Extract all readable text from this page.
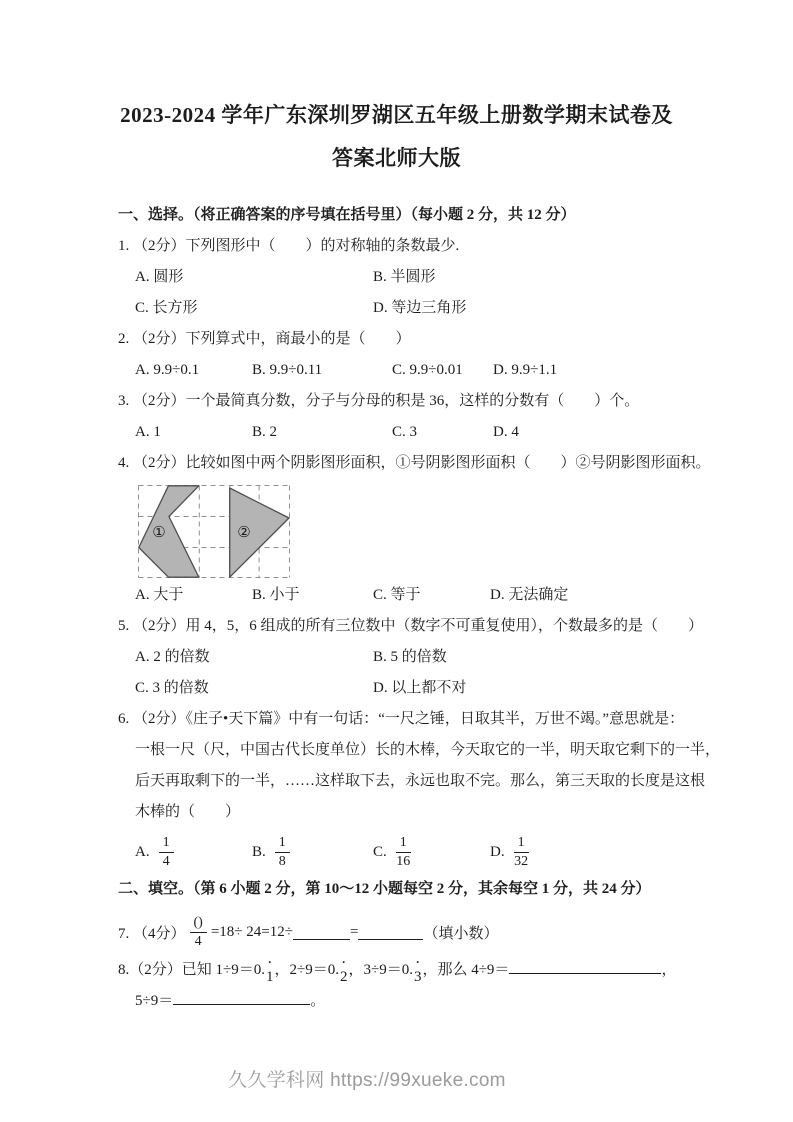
2023-2024 学年广东深圳罗湖区五年级上册数学期末试卷及
答案北师大版
一、选择。（将正确答案的序号填在括号里）（每小题 2 分，共 12 分）
1. （2分）下列图形中（　　）的对称轴的条数最少.
A. 圆形	B. 半圆形
C. 长方形	D. 等边三角形
2. （2分）下列算式中，商最小的是（　　）
A. 9.9÷0.1	B. 9.9÷0.11	C. 9.9÷0.01	D. 9.9÷1.1
3. （2分）一个最简真分数，分子与分母的积是 36，这样的分数有（　　）个。
A. 1	B. 2	C. 3	D. 4
4. （2分）比较如图中两个阴影图形面积，①号阴影图形面积（　　）②号阴影图形面积。
①	②
A. 大于	B. 小于	C. 等于	D. 无法确定
5. （2分）用 4，5，6 组成的所有三位数中（数字不可重复使用），个数最多的是（　　）
A. 2 的倍数	B. 5 的倍数
C. 3 的倍数	D. 以上都不对
6. （2分）《庄子•天下篇》中有一句话：“一尺之锤，日取其半，万世不竭。”意思就是：
一根一尺（尺，中国古代长度单位）长的木棒，今天取它的一半，明天取它剩下的一半，
后天再取剩下的一半，……这样取下去，永远也取不完。那么，第三天取的长度是这根
木棒的（　　）
A. $\frac{1}{4}$	B. $\frac{1}{8}$	C. $\frac{1}{16}$	D. $\frac{1}{32}$
二、填空。（第 6 小题 2 分，第 10～12 小题每空 2 分，其余每空 1 分，共 24 分）
7. （4分） $\frac{()}{4} =18\div 24=12\div$	=	（填小数）
8.（2分）已知 1÷9＝0. ˙
1 ，2÷9＝0. ˙
2 ，3÷9＝0. ˙
3 ，那么 4÷9＝	，
5÷9＝	。
久久学科网 https://99xueke.com
